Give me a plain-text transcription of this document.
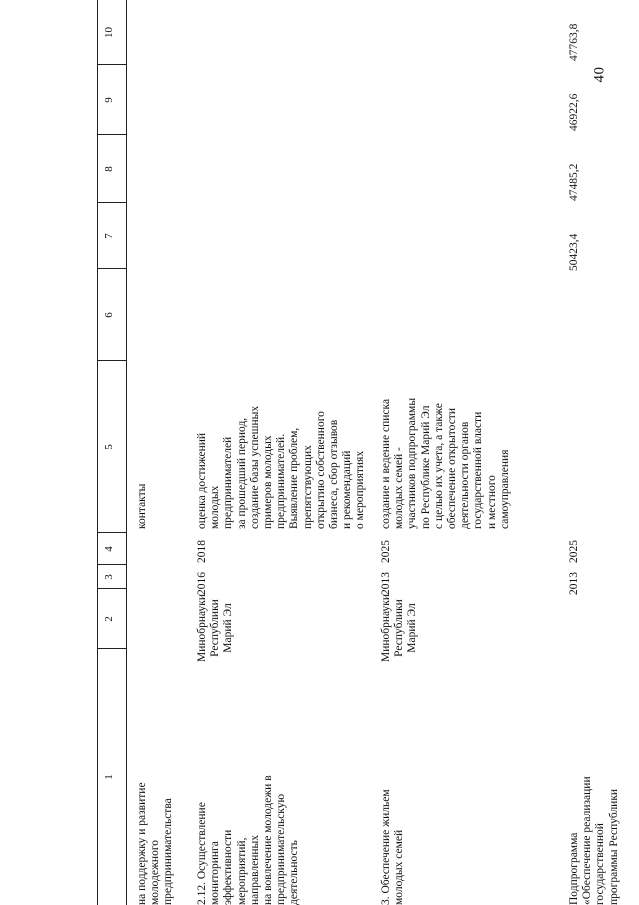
40
1
2
3
4
5
6
7
8
9
10
на поддержку и развитие
молодежного
предпринимательства
контакты
2.12. Осуществление
мониторинга
эффективности
мероприятий,
направленных
на вовлечение молодежи в
предпринимательскую
деятельность
Минобрнауки
Республики
Марий Эл
2016
2018
оценка достижений
молодых
предпринимателей
за прошедший период,
создание базы успешных
примеров молодых
предпринимателей.
Выявление проблем,
препятствующих
открытию собственного
бизнеса, сбор отзывов
и рекомендаций
о мероприятиях
3. Обеспечение жильем
молодых семей
Минобрнауки
Республики
Марий Эл
2013
2025
создание и ведение списка
молодых семей -
участников подпрограммы
по Республике Марий Эл
с целью их учета, а также
обеспечение открытости
деятельности органов
государственной власти
и местного
самоуправления
Подпрограмма
«Обеспечение реализации
государственной
программы Республики
2013
2025
50423,4
47485,2
46922,6
47763,8
